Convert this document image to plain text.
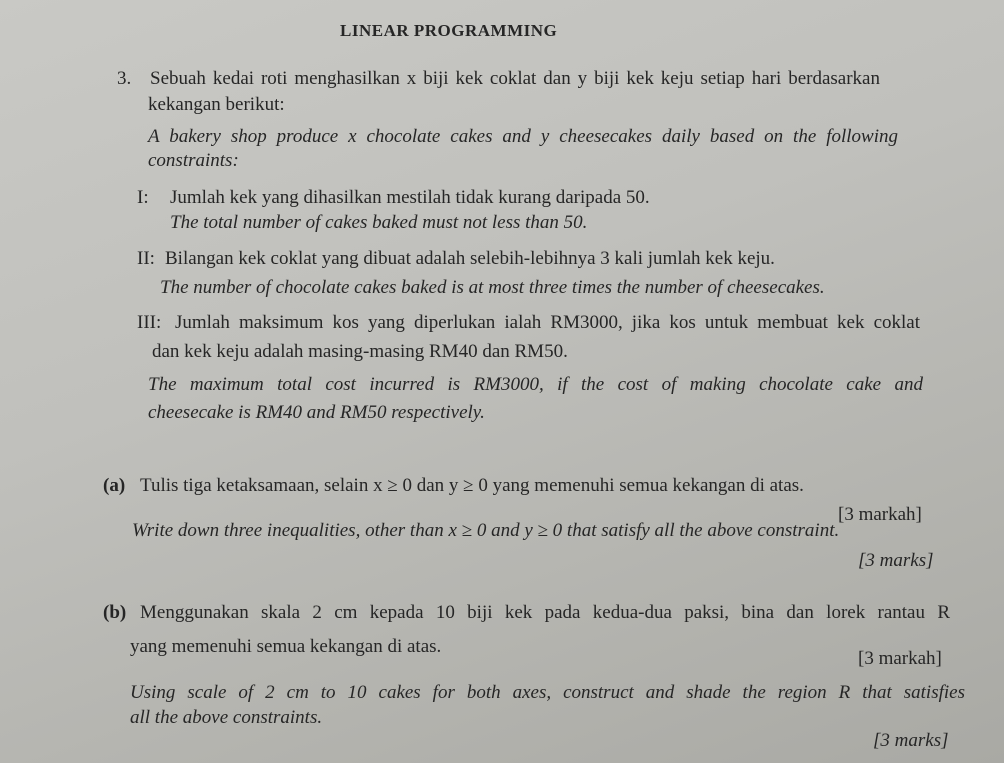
LINEAR PROGRAMMING
3. Sebuah kedai roti menghasilkan x biji kek coklat dan y biji kek keju setiap hari berdasarkan
kekangan berikut:
A bakery shop produce x chocolate cakes and y cheesecakes daily based on the following
constraints:
I: Jumlah kek yang dihasilkan mestilah tidak kurang daripada 50.
The total number of cakes baked must not less than 50.
II: Bilangan kek coklat yang dibuat adalah selebih-lebihnya 3 kali jumlah kek keju.
The number of chocolate cakes baked is at most three times the number of cheesecakes.
III: Jumlah maksimum kos yang diperlukan ialah RM3000, jika kos untuk membuat kek coklat
dan kek keju adalah masing-masing RM40 dan RM50.
The maximum total cost incurred is RM3000, if the cost of making chocolate cake and
cheesecake is RM40 and RM50 respectively.
(a) Tulis tiga ketaksamaan, selain x ≥ 0 dan y ≥ 0 yang memenuhi semua kekangan di atas.
[3 markah]
Write down three inequalities, other than x ≥ 0 and y ≥ 0 that satisfy all the above constraint.
[3 marks]
(b) Menggunakan skala 2 cm kepada 10 biji kek pada kedua-dua paksi, bina dan lorek rantau R
yang memenuhi semua kekangan di atas.
[3 markah]
Using scale of 2 cm to 10 cakes for both axes, construct and shade the region R that satisfies
all the above constraints.
[3 marks]
